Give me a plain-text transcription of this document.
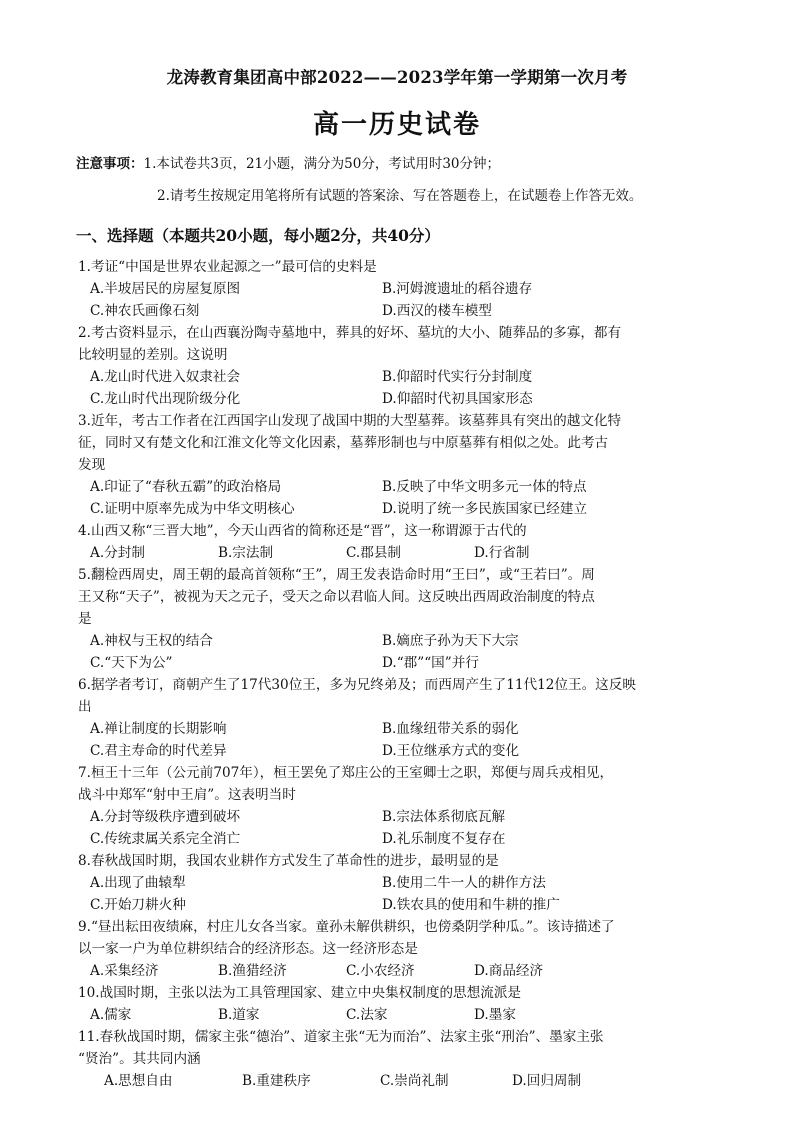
龙涛教育集团高中部2022——2023学年第一学期第一次月考
高一历史试卷
注意事项：1.本试卷共3页，21小题，满分为50分，考试用时30分钟；
2.请考生按规定用笔将所有试题的答案涂、写在答题卷上，在试题卷上作答无效。
一、选择题（本题共20小题，每小题2分，共40分）

1.考证“中国是世界农业起源之一”最可信的史料是

A.半坡居民的房屋复原图	B.河姆渡遗址的稻谷遗存
C.神农氏画像石刻	D.西汉的楼车模型

2.考古资料显示，在山西襄汾陶寺墓地中，葬具的好坏、墓坑的大小、随葬品的多寡，都有

比较明显的差别。这说明

A.龙山时代进入奴隶社会	B.仰韶时代实行分封制度
C.龙山时代出现阶级分化	D.仰韶时代初具国家形态

3.近年，考古工作者在江西国字山发现了战国中期的大型墓葬。该墓葬具有突出的越文化特

征，同时又有楚文化和江淮文化等文化因素，墓葬形制也与中原墓葬有相似之处。此考古

发现

A.印证了“春秋五霸”的政治格局	B.反映了中华文明多元一体的特点
C.证明中原率先成为中华文明核心	D.说明了统一多民族国家已经建立

4.山西又称“三晋大地”，今天山西省的简称还是“晋”，这一称谓源于古代的

A.分封制	B.宗法制	C.郡县制	D.行省制

5.翻检西周史，周王朝的最高首领称“王”，周王发表诰命时用“王曰”，或“王若曰”。周

王又称“天子”，被视为天之元子，受天之命以君临人间。这反映出西周政治制度的特点

是

A.神权与王权的结合	B.嫡庶子孙为天下大宗
C.“天下为公”	D.“郡”“国”并行

6.据学者考订，商朝产生了17代30位王，多为兄终弟及；而西周产生了11代12位王。这反映

出

A.禅让制度的长期影响	B.血缘纽带关系的弱化
C.君主寿命的时代差异	D.王位继承方式的变化

7.桓王十三年（公元前707年），桓王罢免了郑庄公的王室卿士之职，郑便与周兵戎相见，

战斗中郑军“射中王肩”。这表明当时

A.分封等级秩序遭到破坏	B.宗法体系彻底瓦解
C.传统隶属关系完全消亡	D.礼乐制度不复存在

8.春秋战国时期，我国农业耕作方式发生了革命性的进步，最明显的是

A.出现了曲辕犁	B.使用二牛一人的耕作方法
C.开始刀耕火种	D.铁农具的使用和牛耕的推广

9.“昼出耘田夜绩麻，村庄儿女各当家。童孙未解供耕织，也傍桑阴学种瓜。”。该诗描述了

以一家一户为单位耕织结合的经济形态。这一经济形态是

A.采集经济	B.渔猎经济	C.小农经济	D.商品经济

10.战国时期，主张以法为工具管理国家、建立中央集权制度的思想流派是

A.儒家	B.道家	C.法家	D.墨家

11.春秋战国时期，儒家主张“德治”、道家主张“无为而治”、法家主张“刑治”、墨家主张

“贤治”。其共同内涵

A.思想自由	B.重建秩序	C.崇尚礼制	D.回归周制
